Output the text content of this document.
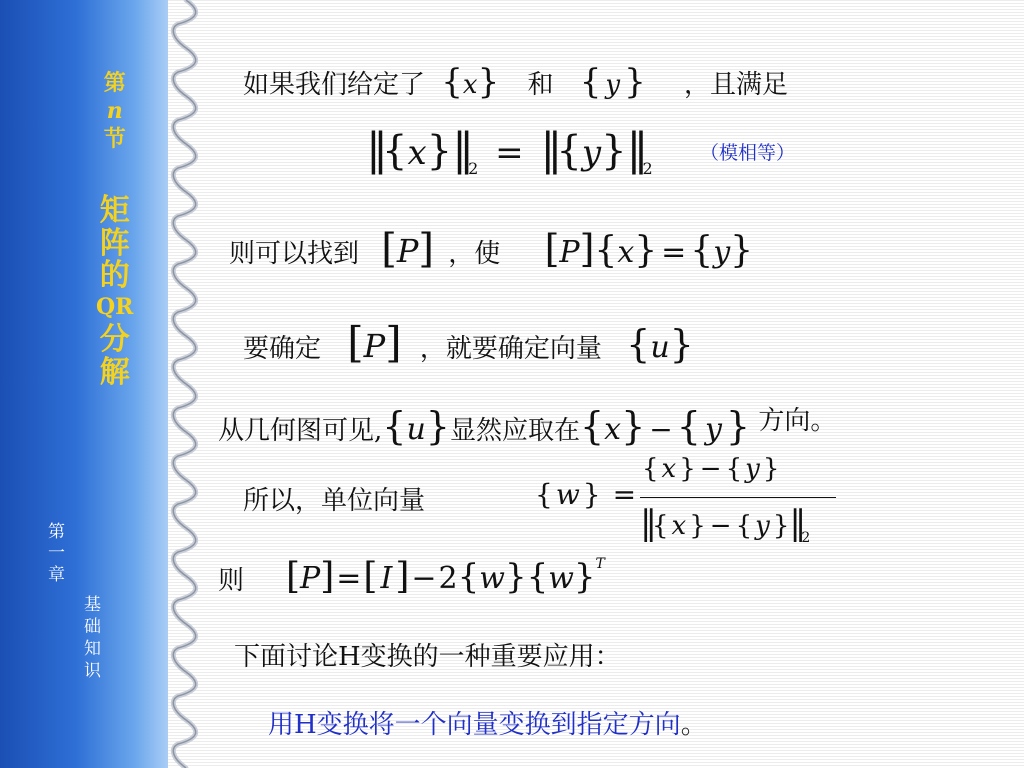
第
n
节
矩
阵
的
QR
分
解
第
一
章
基
础
知
识
如果我们给定了 {x} 和 { y } ，且满足
$‖\{x\}‖_2$ = $‖\{y\}‖_2$
（模相等）
则可以找到 [P] ，使 [P]{x} = {y}
要确定 [P] ，就要确定向量 {u}
从几何图可见,{u}显然应取在{x} − { y } 方向。
所以，单位向量	{ w } =
{ x } − { y }
‖{ x } − { y }$‖_2$
则 [P]=[ $I]-2\{w\}\{w\}^T$
下面讨论H变换的一种重要应用：
用H变换将一个向量变换到指定方向。
